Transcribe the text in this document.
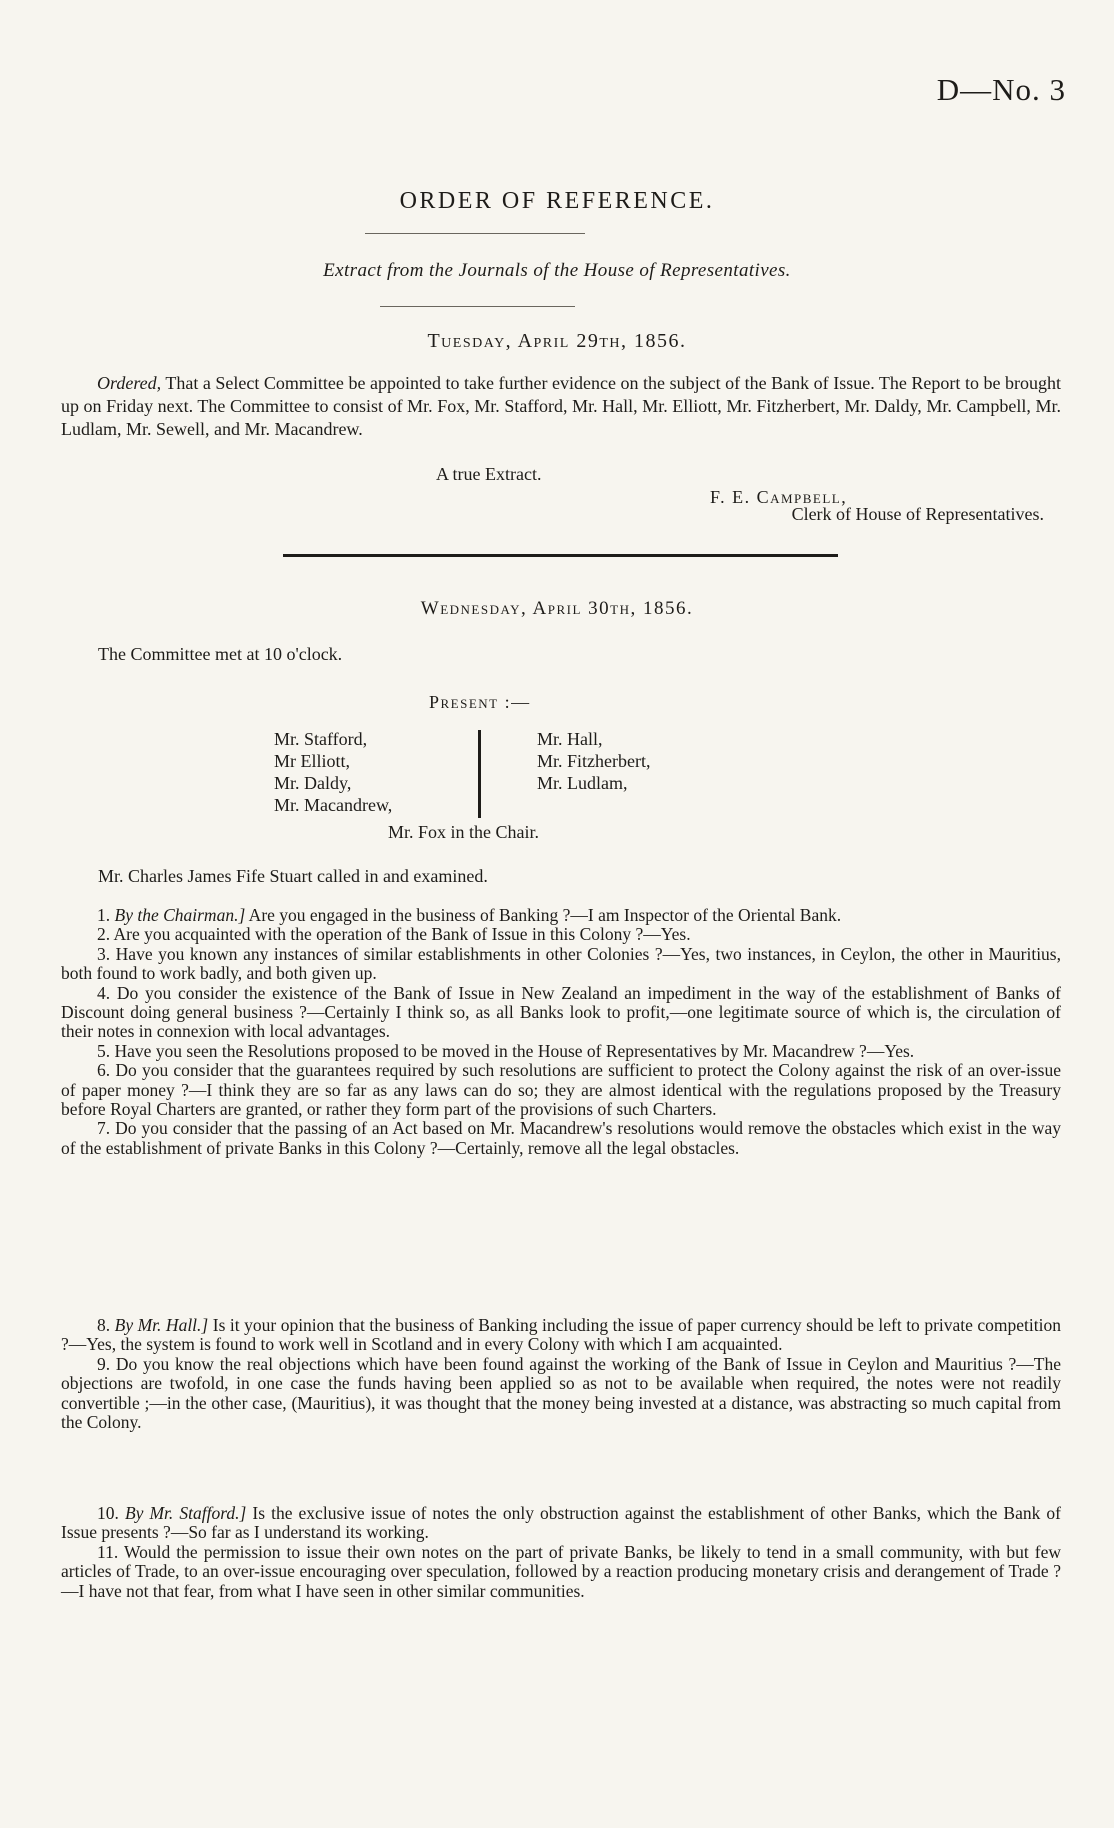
D—No. 3
ORDER OF REFERENCE.
Extract from the Journals of the House of Representatives.
Tuesday, April 29th, 1856.

Ordered, That a Select Committee be appointed to take further evidence on the subject of the Bank of Issue. The Report to be brought up on Friday next. The Committee to consist of Mr. Fox, Mr. Stafford, Mr. Hall, Mr. Elliott, Mr. Fitzherbert, Mr. Daldy, Mr. Campbell, Mr. Ludlam, Mr. Sewell, and Mr. Macandrew.

A true Extract.
F. E. Campbell,
Clerk of House of Representatives.
Wednesday, April 30th, 1856.
The Committee met at 10 o'clock.
Present :—
Mr. Stafford,
Mr Elliott,
Mr. Daldy,
Mr. Macandrew,
Mr. Hall,
Mr. Fitzherbert,
Mr. Ludlam,
Mr. Fox in the Chair.
Mr. Charles James Fife Stuart called in and examined.

1. By the Chairman.] Are you engaged in the business of Banking ?—I am Inspector of the Oriental Bank.

2. Are you acquainted with the operation of the Bank of Issue in this Colony ?—Yes.

3. Have you known any instances of similar establishments in other Colonies ?—Yes, two instances, in Ceylon, the other in Mauritius, both found to work badly, and both given up.

4. Do you consider the existence of the Bank of Issue in New Zealand an impediment in the way of the establishment of Banks of Discount doing general business ?—Certainly I think so, as all Banks look to profit,—one legitimate source of which is, the circulation of their notes in connexion with local advantages.

5. Have you seen the Resolutions proposed to be moved in the House of Representatives by Mr. Macandrew ?—Yes.

6. Do you consider that the guarantees required by such resolutions are sufficient to protect the Colony against the risk of an over-issue of paper money ?—I think they are so far as any laws can do so; they are almost identical with the regulations proposed by the Treasury before Royal Charters are granted, or rather they form part of the provisions of such Charters.

7. Do you consider that the passing of an Act based on Mr. Macandrew's resolutions would remove the obstacles which exist in the way of the establishment of private Banks in this Colony ?—Certainly, remove all the legal obstacles.

8. By Mr. Hall.] Is it your opinion that the business of Banking including the issue of paper currency should be left to private competition ?—Yes, the system is found to work well in Scotland and in every Colony with which I am acquainted.

9. Do you know the real objections which have been found against the working of the Bank of Issue in Ceylon and Mauritius ?—The objections are twofold, in one case the funds having been applied so as not to be available when required, the notes were not readily convertible ;—in the other case, (Mauritius), it was thought that the money being invested at a distance, was abstracting so much capital from the Colony.

10. By Mr. Stafford.] Is the exclusive issue of notes the only obstruction against the establishment of other Banks, which the Bank of Issue presents ?—So far as I understand its working.

11. Would the permission to issue their own notes on the part of private Banks, be likely to tend in a small community, with but few articles of Trade, to an over-issue encouraging over speculation, followed by a reaction producing monetary crisis and derangement of Trade ?—I have not that fear, from what I have seen in other similar communities.
